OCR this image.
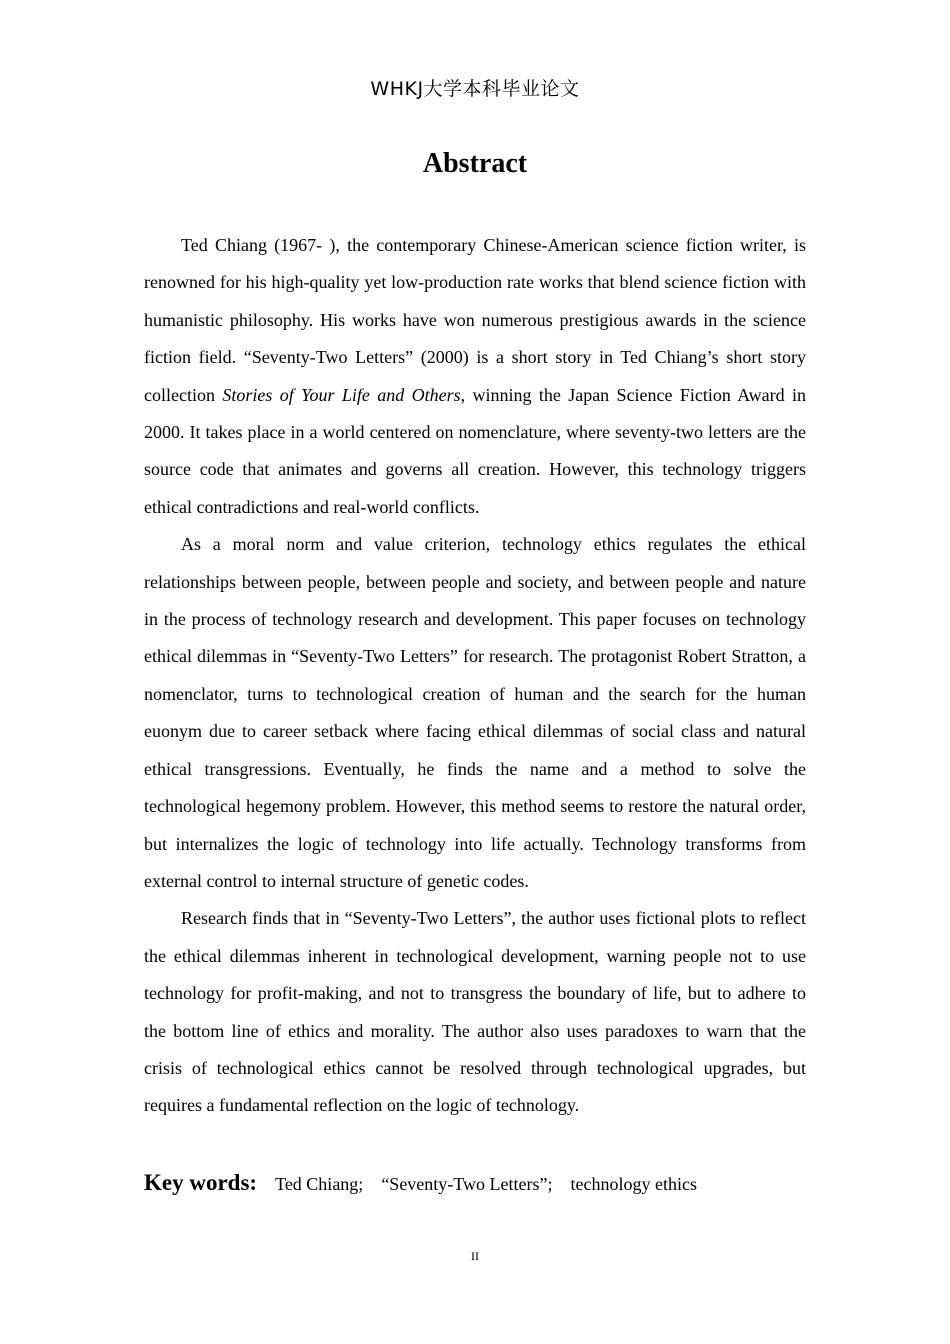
WHKJ大学本科毕业论文
Abstract

Ted Chiang (1967- ), the contemporary Chinese-American science fiction writer, is renowned for his high-quality yet low-production rate works that blend science fiction with humanistic philosophy. His works have won numerous prestigious awards in the science fiction field. “Seventy-Two Letters” (2000) is a short story in Ted Chiang’s short story collection Stories of Your Life and Others, winning the Japan Science Fiction Award in 2000. It takes place in a world centered on nomenclature, where seventy-two letters are the source code that animates and governs all creation. However, this technology triggers ethical contradictions and real-world conflicts.

As a moral norm and value criterion, technology ethics regulates the ethical relationships between people, between people and society, and between people and nature in the process of technology research and development. This paper focuses on technology ethical dilemmas in “Seventy-Two Letters” for research. The protagonist Robert Stratton, a nomenclator, turns to technological creation of human and the search for the human euonym due to career setback where facing ethical dilemmas of social class and natural ethical transgressions. Eventually, he finds the name and a method to solve the technological hegemony problem. However, this method seems to restore the natural order, but internalizes the logic of technology into life actually. Technology transforms from external control to internal structure of genetic codes.

Research finds that in “Seventy-Two Letters”, the author uses fictional plots to reflect the ethical dilemmas inherent in technological development, warning people not to use technology for profit-making, and not to transgress the boundary of life, but to adhere to the bottom line of ethics and morality. The author also uses paradoxes to warn that the crisis of technological ethics cannot be resolved through technological upgrades, but requires a fundamental reflection on the logic of technology.

Key words: Ted Chiang; “Seventy-Two Letters”; technology ethics
II
